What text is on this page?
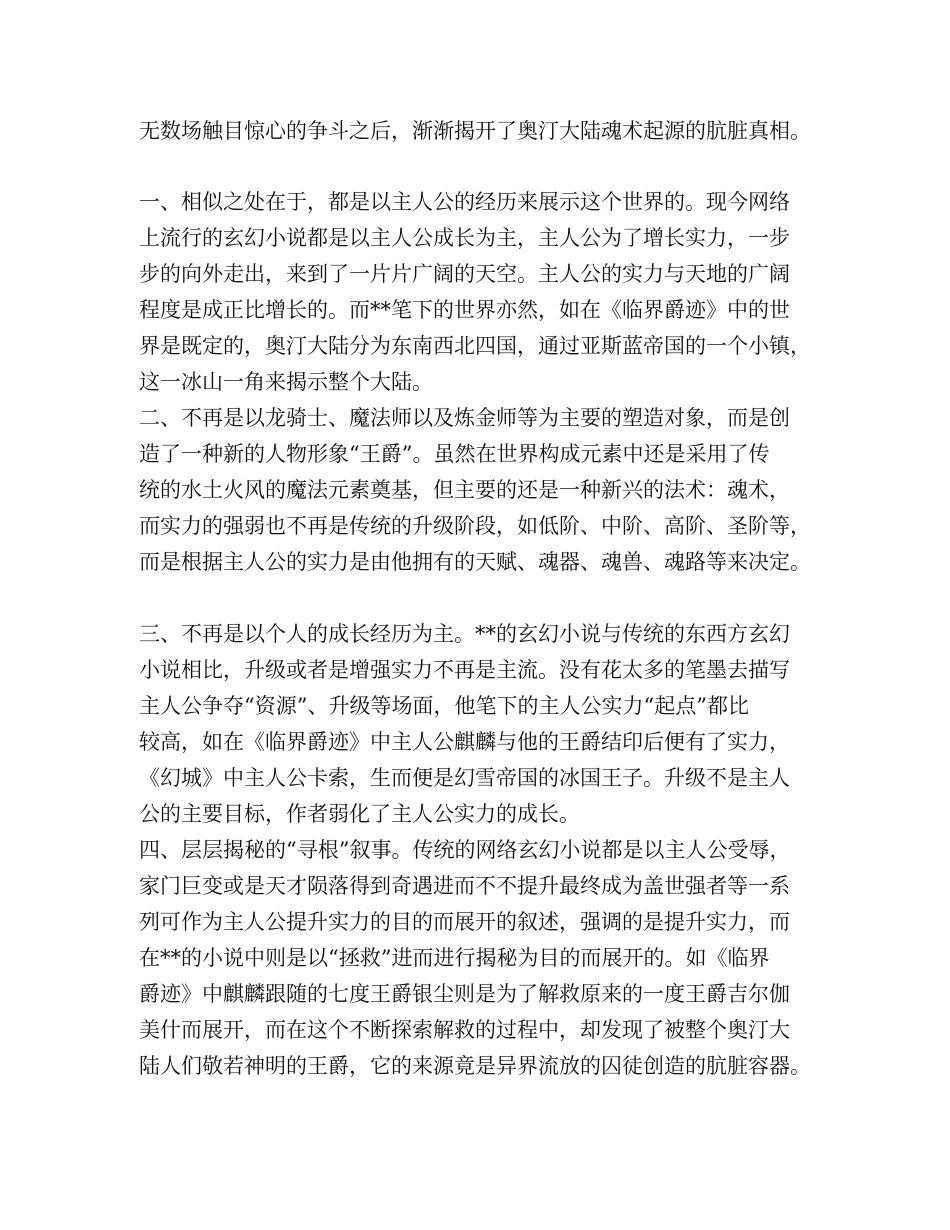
无数场触目惊心的争斗之后，渐渐揭开了奥汀大陆魂术起源的肮脏真相。
一、相似之处在于，都是以主人公的经历来展示这个世界的。现今网络
上流行的玄幻小说都是以主人公成长为主，主人公为了增长实力，一步
步的向外走出，来到了一片片广阔的天空。主人公的实力与天地的广阔
程度是成正比增长的。而**笔下的世界亦然，如在《临界爵迹》中的世
界是既定的，奥汀大陆分为东南西北四国，通过亚斯蓝帝国的一个小镇，
这一冰山一角来揭示整个大陆。
二、不再是以龙骑士、魔法师以及炼金师等为主要的塑造对象，而是创
造了一种新的人物形象“王爵”。虽然在世界构成元素中还是采用了传
统的水土火风的魔法元素奠基，但主要的还是一种新兴的法术：魂术，
而实力的强弱也不再是传统的升级阶段，如低阶、中阶、高阶、圣阶等，
而是根据主人公的实力是由他拥有的天赋、魂器、魂兽、魂路等来决定。
三、不再是以个人的成长经历为主。**的玄幻小说与传统的东西方玄幻
小说相比，升级或者是增强实力不再是主流。没有花太多的笔墨去描写
主人公争夺“资源”、升级等场面，他笔下的主人公实力“起点”都比
较高，如在《临界爵迹》中主人公麒麟与他的王爵结印后便有了实力，
《幻城》中主人公卡索，生而便是幻雪帝国的冰国王子。升级不是主人
公的主要目标，作者弱化了主人公实力的成长。
四、层层揭秘的“寻根”叙事。传统的网络玄幻小说都是以主人公受辱，
家门巨变或是天才陨落得到奇遇进而不不提升最终成为盖世强者等一系
列可作为主人公提升实力的目的而展开的叙述，强调的是提升实力，而
在**的小说中则是以“拯救”进而进行揭秘为目的而展开的。如《临界
爵迹》中麒麟跟随的七度王爵银尘则是为了解救原来的一度王爵吉尔伽
美什而展开，而在这个不断探索解救的过程中，却发现了被整个奥汀大
陆人们敬若神明的王爵，它的来源竟是异界流放的囚徒创造的肮脏容器。
